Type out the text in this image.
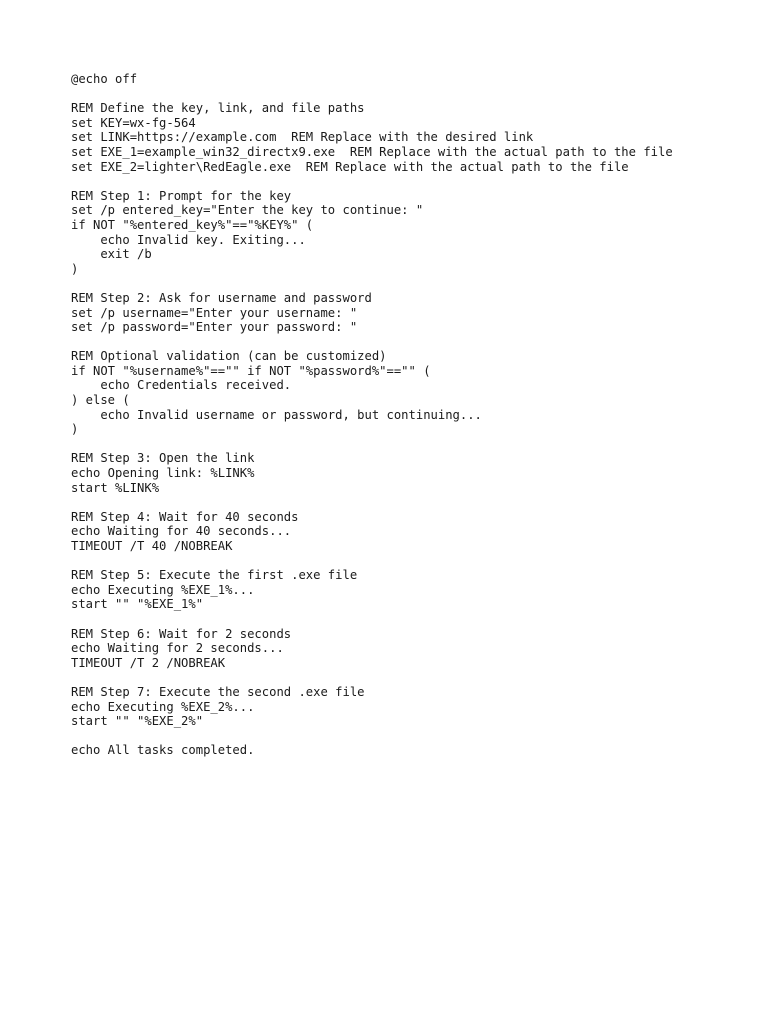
@echo off
REM Define the key, link, and file paths
set KEY=wx-fg-564
set LINK=https://example.com  REM Replace with the desired link
set EXE_1=example_win32_directx9.exe  REM Replace with the actual path to the file
set EXE_2=lighter\RedEagle.exe  REM Replace with the actual path to the file
REM Step 1: Prompt for the key
set /p entered_key="Enter the key to continue: "
if NOT "%entered_key%"=="%KEY%" (
echo Invalid key. Exiting...
exit /b
)
REM Step 2: Ask for username and password
set /p username="Enter your username: "
set /p password="Enter your password: "
REM Optional validation (can be customized)
if NOT "%username%"=="" if NOT "%password%"=="" (
echo Credentials received.
) else (
echo Invalid username or password, but continuing...
)
REM Step 3: Open the link
echo Opening link: %LINK%
start %LINK%
REM Step 4: Wait for 40 seconds
echo Waiting for 40 seconds...
TIMEOUT /T 40 /NOBREAK
REM Step 5: Execute the first .exe file
echo Executing %EXE_1%...
start "" "%EXE_1%"
REM Step 6: Wait for 2 seconds
echo Waiting for 2 seconds...
TIMEOUT /T 2 /NOBREAK
REM Step 7: Execute the second .exe file
echo Executing %EXE_2%...
start "" "%EXE_2%"
echo All tasks completed.
